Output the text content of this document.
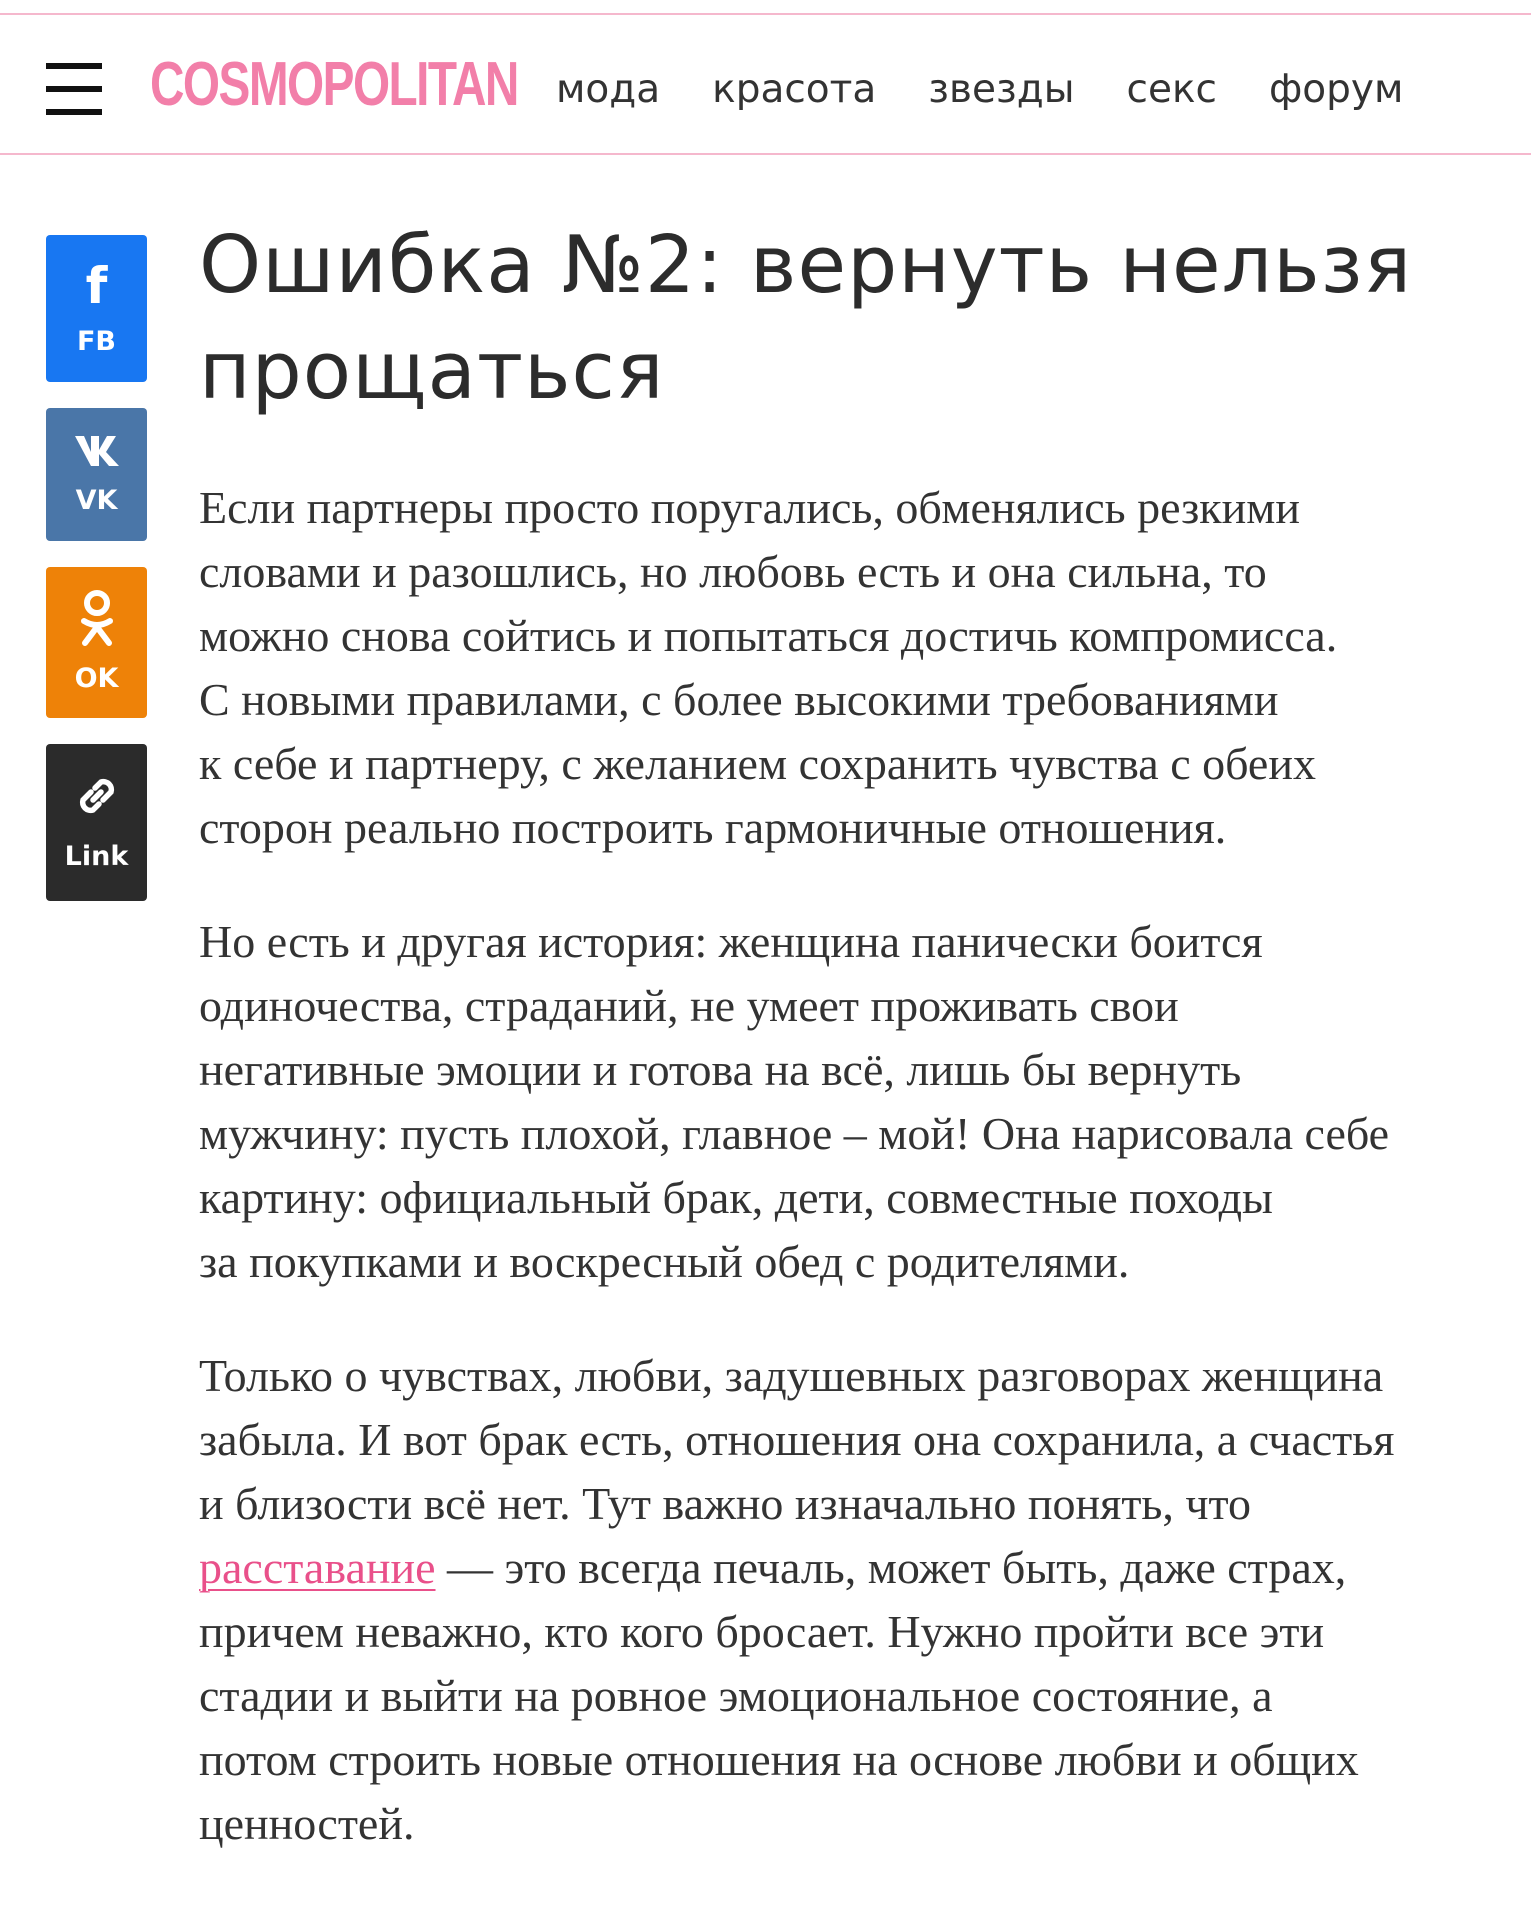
COSMOPOLITAN мода красота звезды секс форум
f
FB
VK
OK
Link
Ошибка №2: вернуть нельзя
прощаться

Если партнеры просто поругались, обменялись резкими
словами и разошлись, но любовь есть и она сильна, то
можно снова сойтись и попытаться достичь компромисса.
С новыми правилами, с более высокими требованиями
к себе и партнеру, с желанием сохранить чувства с обеих
сторон реально построить гармоничные отношения.

Но есть и другая история: женщина панически боится
одиночества, страданий, не умеет проживать свои
негативные эмоции и готова на всё, лишь бы вернуть
мужчину: пусть плохой, главное – мой! Она нарисовала себе
картину: официальный брак, дети, совместные походы
за покупками и воскресный обед с родителями.

Только о чувствах, любви, задушевных разговорах женщина
забыла. И вот брак есть, отношения она сохранила, а счастья
и близости всё нет. Тут важно изначально понять, что
расставание — это всегда печаль, может быть, даже страх,
причем неважно, кто кого бросает. Нужно пройти все эти
стадии и выйти на ровное эмоциональное состояние, а
потом строить новые отношения на основе любви и общих
ценностей.
